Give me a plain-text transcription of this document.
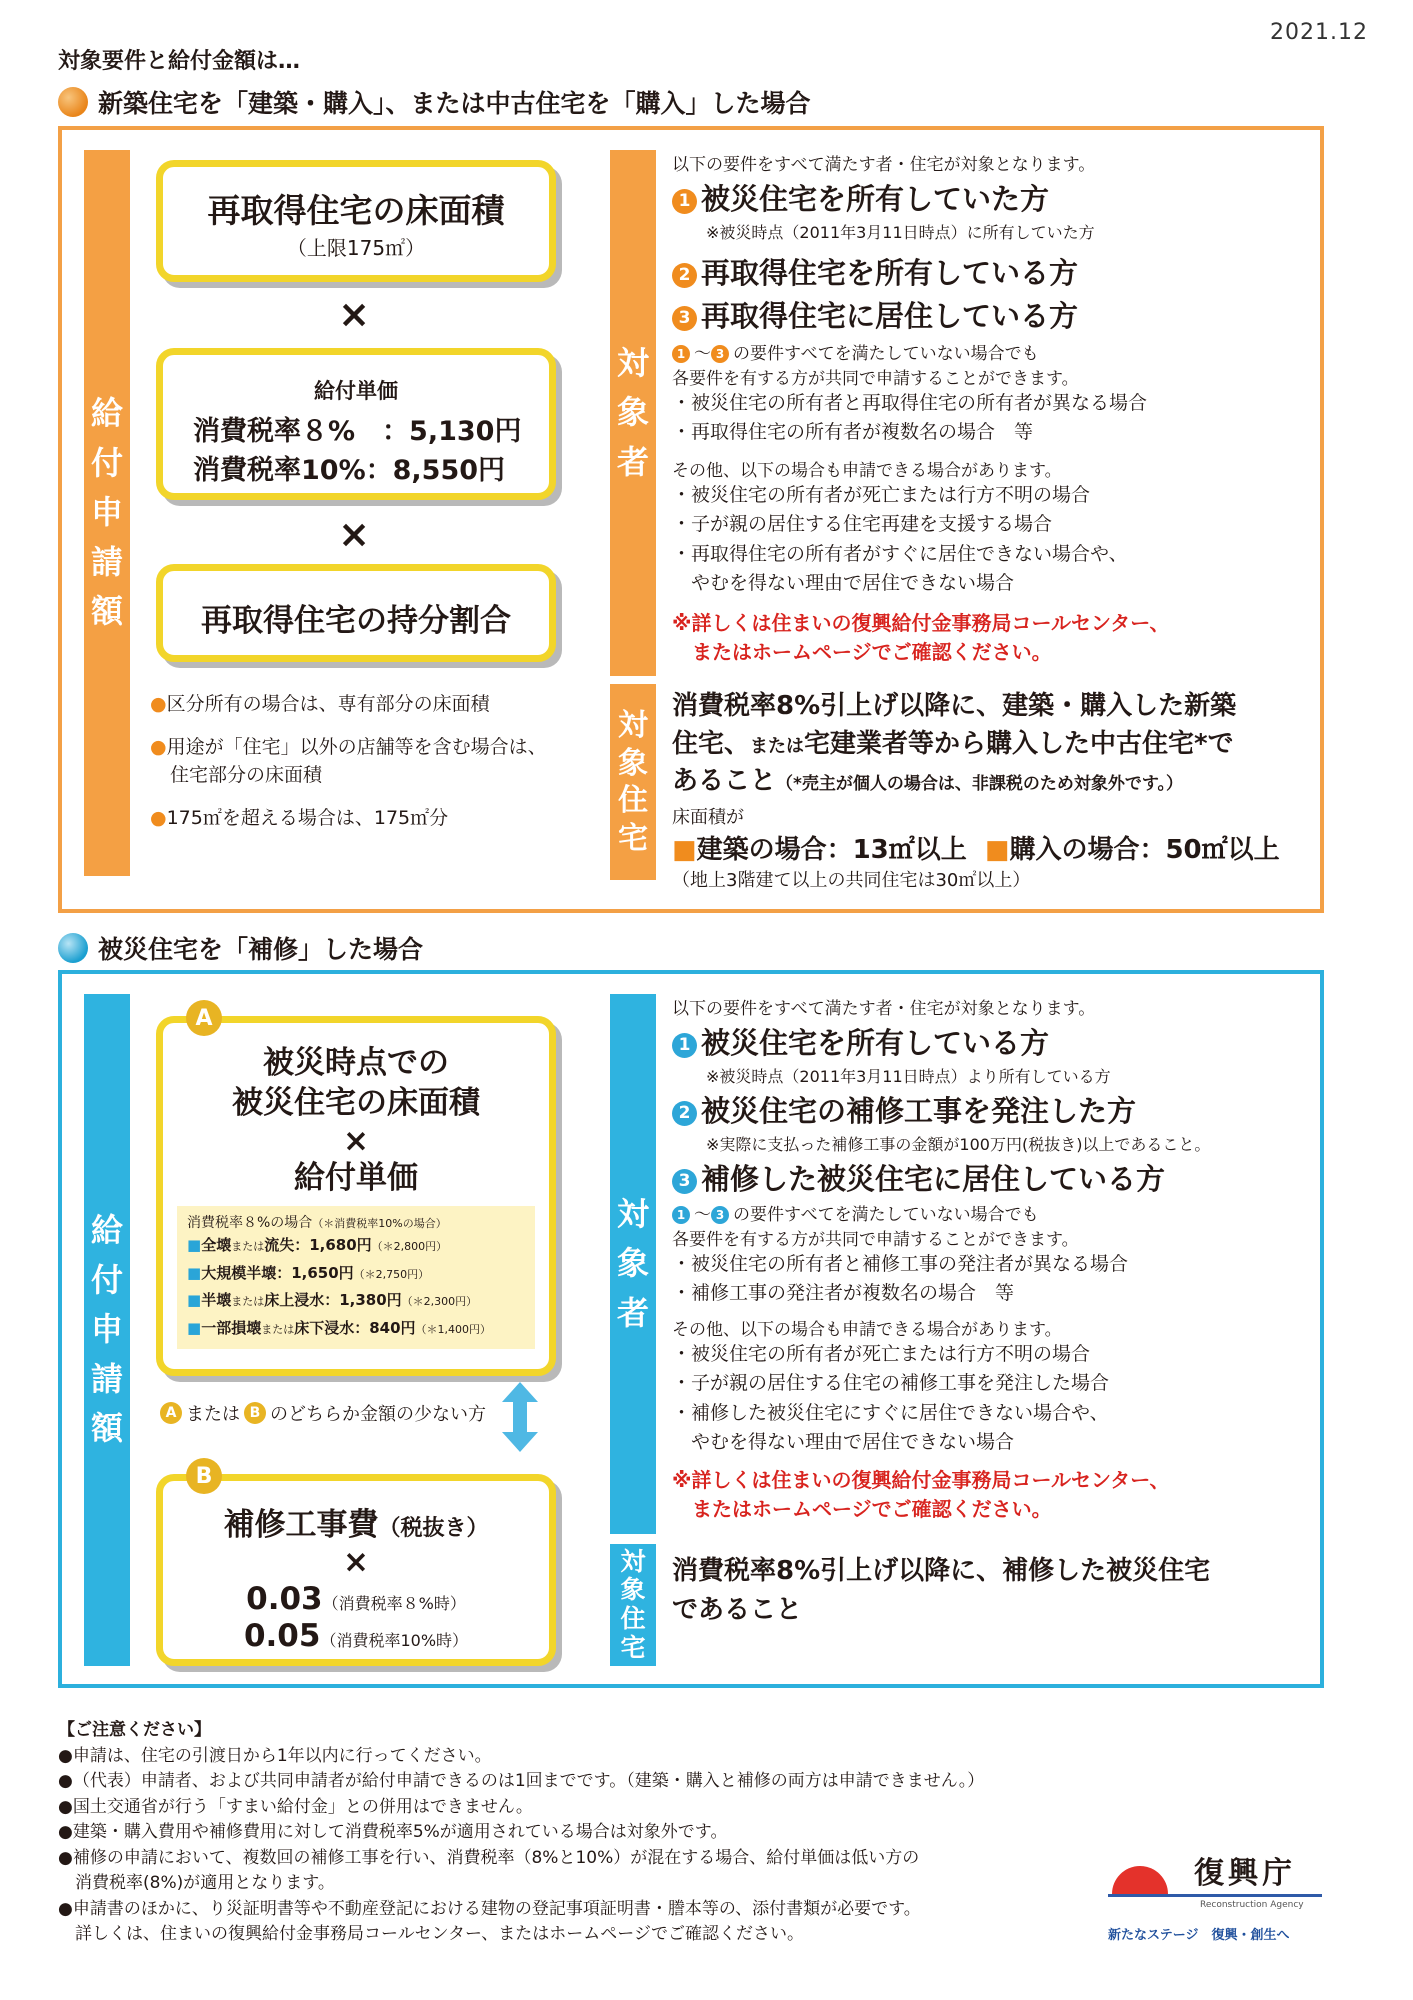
2021.12
対象要件と給付金額は…
新築住宅を「建築・購入」、または中古住宅を「購入」した場合
給
付
申
請
額
再取得住宅の床面積
（上限175㎡）
×
給付単価
消費税率８%　：5,130円
消費税率10%：8,550円
×
再取得住宅の持分割合
●区分所有の場合は、専有部分の床面積
●用途が「住宅」以外の店舗等を含む場合は、
住宅部分の床面積
●175㎡を超える場合は、175㎡分
対
象
者
以下の要件をすべて満たす者・住宅が対象となります。
1 被災住宅を所有していた方
※被災時点（2011年3月11日時点）に所有していた方
2 再取得住宅を所有している方
3 再取得住宅に居住している方
1 ～ 3 の要件すべてを満たしていない場合でも
各要件を有する方が共同で申請することができます。
・被災住宅の所有者と再取得住宅の所有者が異なる場合
・再取得住宅の所有者が複数名の場合　等
その他、以下の場合も申請できる場合があります。
・被災住宅の所有者が死亡または行方不明の場合
・子が親の居住する住宅再建を支援する場合
・再取得住宅の所有者がすぐに居住できない場合や、
　やむを得ない理由で居住できない場合
※詳しくは住まいの復興給付金事務局コールセンター、
　またはホームページでご確認ください。
対
象
住
宅
消費税率8%引上げ以降に、建築・購入した新築
住宅、または宅建業者等から購入した中古住宅*で
あること（*売主が個人の場合は、非課税のため対象外です。）
床面積が
■建築の場合：13㎡以上 ■購入の場合：50㎡以上
（地上3階建て以上の共同住宅は30㎡以上）
被災住宅を「補修」した場合
給
付
申
請
額
被災時点での
被災住宅の床面積
×
給付単価
消費税率８%の場合（＊消費税率10%の場合）
■全壊または流失：1,680円（＊2,800円）
■大規模半壊：1,650円（＊2,750円）
■半壊または床上浸水：1,380円（＊2,300円）
■一部損壊または床下浸水：840円（＊1,400円）
A
A または B のどちらか金額の少ない方
補修工事費（税抜き）
×
0.03（消費税率８%時）
0.05（消費税率10%時）
B
対
象
者
以下の要件をすべて満たす者・住宅が対象となります。
1 被災住宅を所有している方
※被災時点（2011年3月11日時点）より所有している方
2 被災住宅の補修工事を発注した方
※実際に支払った補修工事の金額が100万円(税抜き)以上であること。
3 補修した被災住宅に居住している方
1 ～ 3 の要件すべてを満たしていない場合でも
各要件を有する方が共同で申請することができます。
・被災住宅の所有者と補修工事の発注者が異なる場合
・補修工事の発注者が複数名の場合　等
その他、以下の場合も申請できる場合があります。
・被災住宅の所有者が死亡または行方不明の場合
・子が親の居住する住宅の補修工事を発注した場合
・補修した被災住宅にすぐに居住できない場合や、
　やむを得ない理由で居住できない場合
※詳しくは住まいの復興給付金事務局コールセンター、
　またはホームページでご確認ください。
対
象
住
宅
消費税率8%引上げ以降に、補修した被災住宅
であること
【ご注意ください】
●申請は、住宅の引渡日から1年以内に行ってください。
●（代表）申請者、および共同申請者が給付申請できるのは1回までです。（建築・購入と補修の両方は申請できません。）
●国土交通省が行う「すまい給付金」との併用はできません。
●建築・購入費用や補修費用に対して消費税率5%が適用されている場合は対象外です。
●補修の申請において、複数回の補修工事を行い、消費税率（8%と10%）が混在する場合、給付単価は低い方の
　消費税率(8%)が適用となります。
●申請書のほかに、り災証明書等や不動産登記における建物の登記事項証明書・謄本等の、添付書類が必要です。
　詳しくは、住まいの復興給付金事務局コールセンター、またはホームページでご確認ください。
復興庁
Reconstruction Agency
新たなステージ　復興・創生へ
